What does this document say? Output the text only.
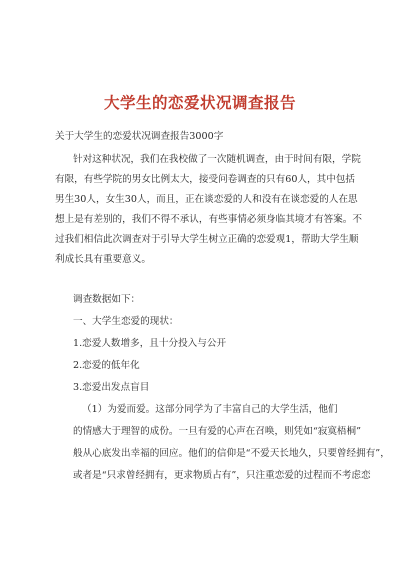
大学生的恋爱状况调查报告
关于大学生的恋爱状况调查报告3000字
针对这种状况，我们在我校做了一次随机调查，由于时间有限，学院
有限，有些学院的男女比例太大，接受问卷调查的只有60人，其中包括
男生30人，女生30人，而且，正在谈恋爱的人和没有在谈恋爱的人在思
想上是有差别的，我们不得不承认，有些事情必须身临其境才有答案。不
过我们相信此次调查对于引导大学生树立正确的恋爱观1，帮助大学生顺
利成长具有重要意义。
调查数据如下：
一、大学生恋爱的现状：
1.恋爱人数增多，且十分投入与公开
2.恋爱的低年化
3.恋爱出发点盲目
（1）为爱而爱。这部分同学为了丰富自己的大学生活，他们
的情感大于理智的成份。一旦有爱的心声在召唤，则凭如“寂寞梧桐”
般从心底发出幸福的回应。他们的信仰是“不爱天长地久，只要曾经拥有”，
或者是“只求曾经拥有，更求物质占有”，只注重恋爱的过程而不考虑恋
